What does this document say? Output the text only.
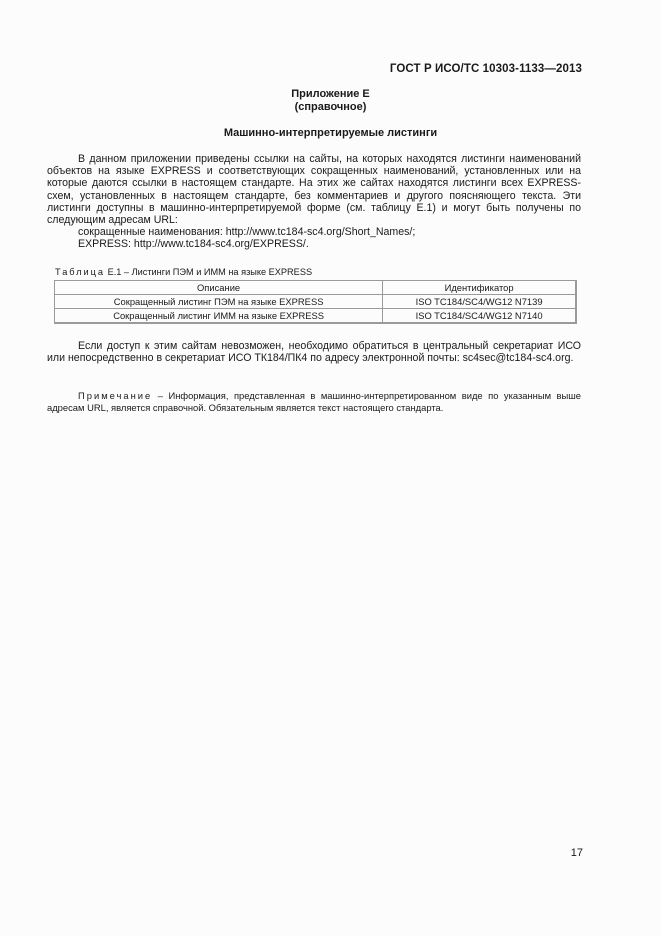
ГОСТ Р ИСО/ТС 10303-1133—2013
Приложение Е
(справочное)
Машинно-интерпретируемые листинги
В данном приложении приведены ссылки на сайты, на которых находятся листинги наименований объектов на языке EXPRESS и соответствующих сокращенных наименований, установленных или на которые даются ссылки в настоящем стандарте. На этих же сайтах находятся листинги всех EXPRESS-схем, установленных в настоящем стандарте, без комментариев и другого поясняющего текста. Эти листинги доступны в машинно-интерпретируемой форме (см. таблицу Е.1) и могут быть получены по следующим адресам URL:
сокращенные наименования: http://www.tc184-sc4.org/Short_Names/;
EXPRESS: http://www.tc184-sc4.org/EXPRESS/.
Таблица Е.1 – Листинги ПЭМ и ИММ на языке EXPRESS
Описание	Идентификатор
Сокращенный листинг ПЭМ на языке EXPRESS	ISO TC184/SC4/WG12 N7139
Сокращенный листинг ИММ на языке EXPRESS	ISO TC184/SC4/WG12 N7140
Если доступ к этим сайтам невозможен, необходимо обратиться в центральный секретариат ИСО или непосредственно в секретариат ИСО ТК184/ПК4 по адресу электронной почты: sc4sec@tc184-sc4.org.
Примечание – Информация, представленная в машинно-интерпретированном виде по указанным выше адресам URL, является справочной. Обязательным является текст настоящего стандарта.
17
